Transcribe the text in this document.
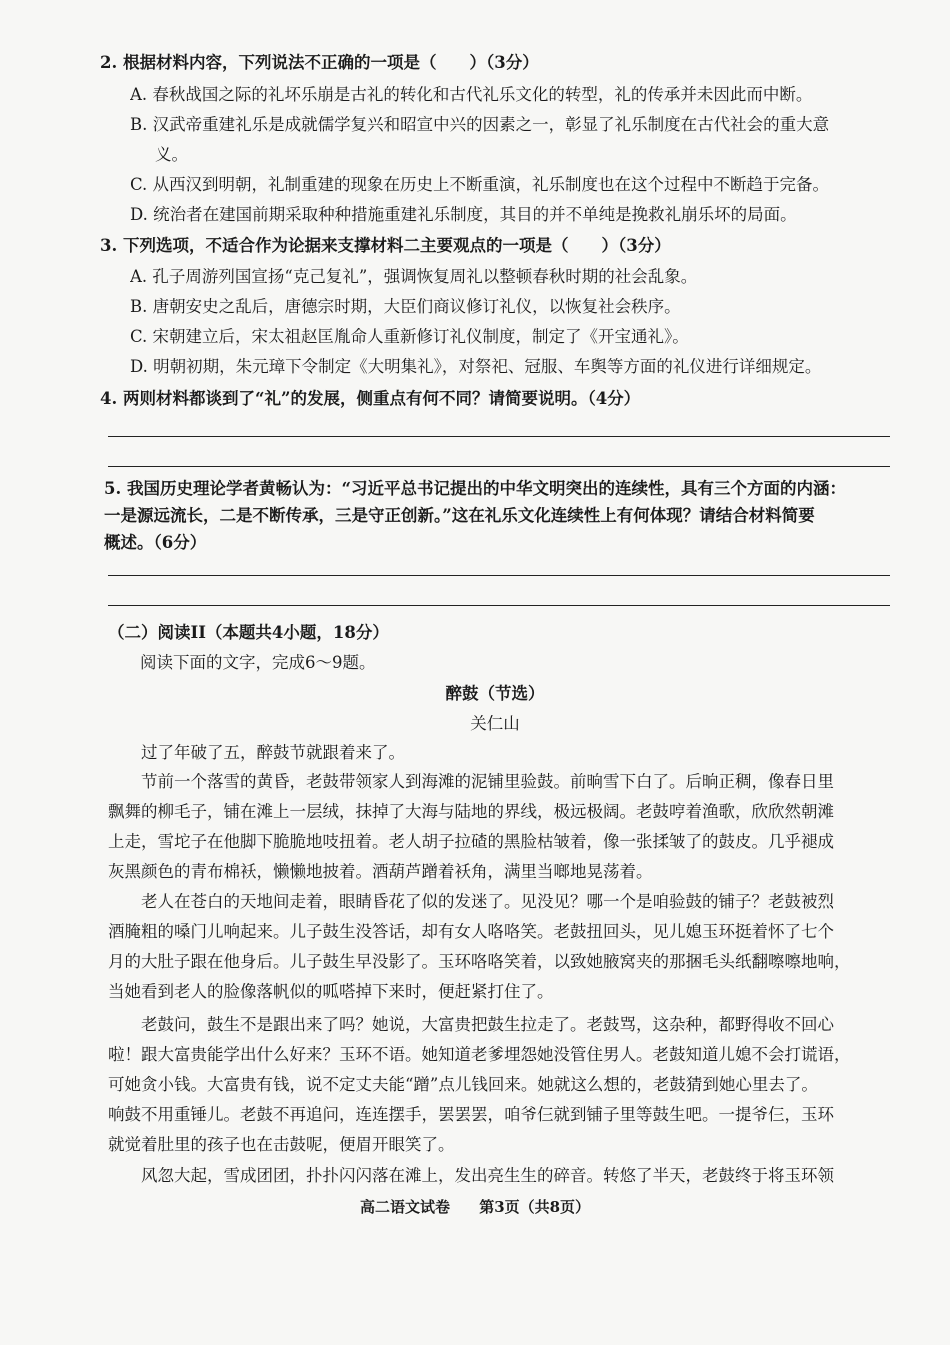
2. 根据材料内容，下列说法不正确的一项是（　　）（3分）
A. 春秋战国之际的礼坏乐崩是古礼的转化和古代礼乐文化的转型，礼的传承并未因此而中断。
B. 汉武帝重建礼乐是成就儒学复兴和昭宣中兴的因素之一，彰显了礼乐制度在古代社会的重大意
义。
C. 从西汉到明朝，礼制重建的现象在历史上不断重演，礼乐制度也在这个过程中不断趋于完备。
D. 统治者在建国前期采取种种措施重建礼乐制度，其目的并不单纯是挽救礼崩乐坏的局面。
3. 下列选项，不适合作为论据来支撑材料二主要观点的一项是（　　）（3分）
A. 孔子周游列国宣扬“克己复礼”，强调恢复周礼以整顿春秋时期的社会乱象。
B. 唐朝安史之乱后，唐德宗时期，大臣们商议修订礼仪，以恢复社会秩序。
C. 宋朝建立后，宋太祖赵匡胤命人重新修订礼仪制度，制定了《开宝通礼》。
D. 明朝初期，朱元璋下令制定《大明集礼》，对祭祀、冠服、车舆等方面的礼仪进行详细规定。
4. 两则材料都谈到了“礼”的发展，侧重点有何不同？请简要说明。（4分）
5. 我国历史理论学者黄畅认为：“习近平总书记提出的中华文明突出的连续性，具有三个方面的内涵：
一是源远流长，二是不断传承，三是守正创新。”这在礼乐文化连续性上有何体现？请结合材料简要
概述。（6分）
（二）阅读II（本题共4小题，18分）
阅读下面的文字，完成6～9题。
醉鼓（节选）
关仁山
过了年破了五，醉鼓节就跟着来了。
节前一个落雪的黄昏，老鼓带领家人到海滩的泥铺里验鼓。前晌雪下白了。后晌正稠，像春日里
飘舞的柳毛子，铺在滩上一层绒，抹掉了大海与陆地的界线，极远极阔。老鼓哼着渔歌，欣欣然朝滩
上走，雪坨子在他脚下脆脆地吱扭着。老人胡子拉碴的黑脸枯皱着，像一张揉皱了的鼓皮。几乎褪成
灰黑颜色的青布棉袄，懒懒地披着。酒葫芦蹭着袄角，满里当啷地晃荡着。
老人在苍白的天地间走着，眼睛昏花了似的发迷了。见没见？哪一个是咱验鼓的铺子？老鼓被烈
酒腌粗的嗓门儿响起来。儿子鼓生没答话，却有女人咯咯笑。老鼓扭回头，见儿媳玉环挺着怀了七个
月的大肚子跟在他身后。儿子鼓生早没影了。玉环咯咯笑着，以致她腋窝夹的那捆毛头纸翻嚓嚓地响，
当她看到老人的脸像落帆似的呱嗒掉下来时，便赶紧打住了。
老鼓问，鼓生不是跟出来了吗？她说，大富贵把鼓生拉走了。老鼓骂，这杂种，都野得收不回心
啦！跟大富贵能学出什么好来？玉环不语。她知道老爹埋怨她没管住男人。老鼓知道儿媳不会打谎语，
可她贪小钱。大富贵有钱，说不定丈夫能“蹭”点儿钱回来。她就这么想的，老鼓猜到她心里去了。
响鼓不用重锤儿。老鼓不再追问，连连摆手，罢罢罢，咱爷仨就到铺子里等鼓生吧。一提爷仨，玉环
就觉着肚里的孩子也在击鼓呢，便眉开眼笑了。
风忽大起，雪成团团，扑扑闪闪落在滩上，发出亮生生的碎音。转悠了半天，老鼓终于将玉环领
高二语文试卷 第3页（共8页）
